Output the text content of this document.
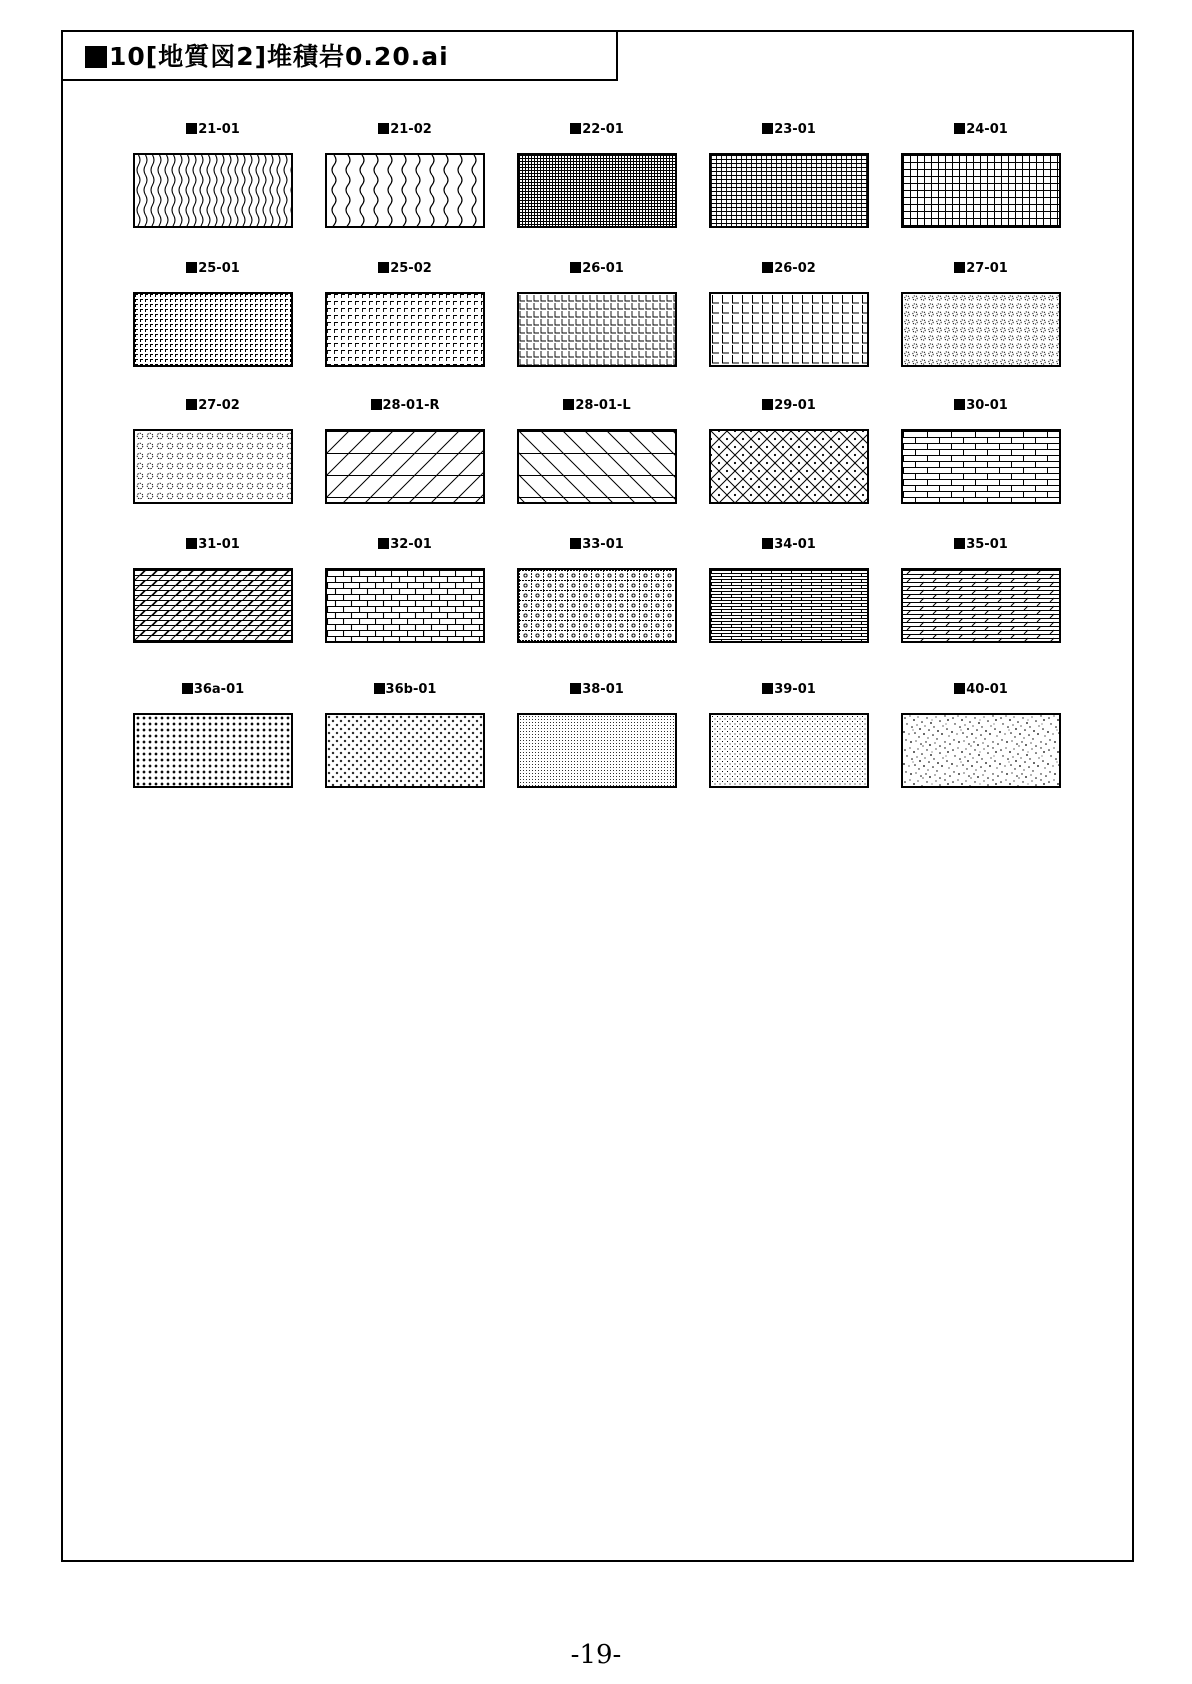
10[地質図2]堆積岩0.20.ai
21-01	21-02	22-01	23-01	24-01
25-01	25-02	26-01	26-02	27-01
27-02	28-01-R	28-01-L	29-01	30-01
31-01	32-01	33-01	34-01	35-01
36a-01	36b-01	38-01	39-01	40-01
-19-
